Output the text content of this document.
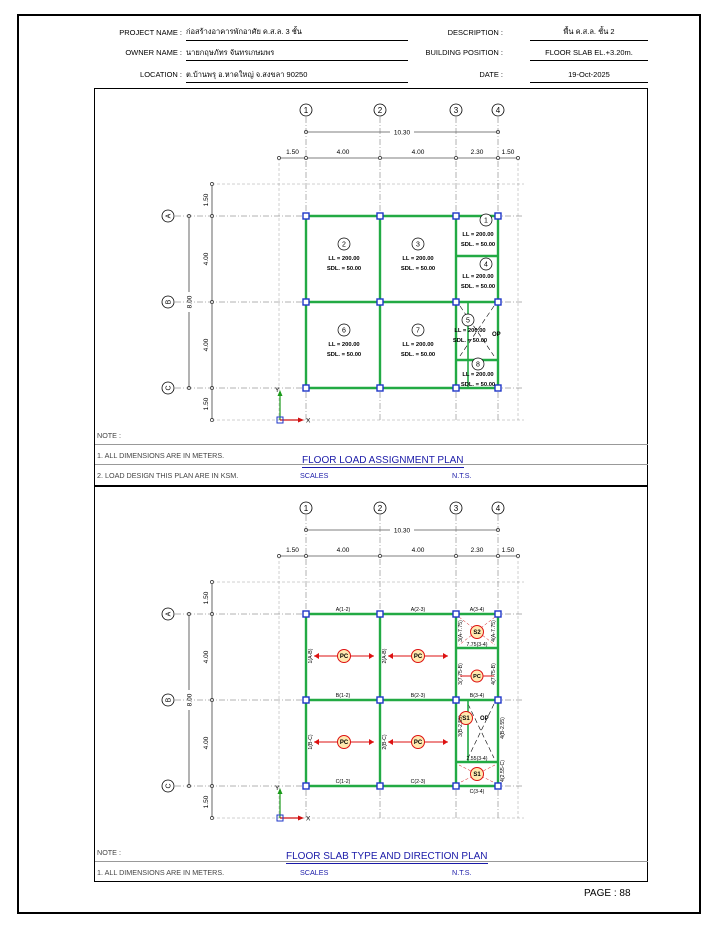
PROJECT NAME : ก่อสร้างอาคารพักอาศัย ค.ส.ล. 3 ชั้น
OWNER NAME : นายกฤษภัทร จันทรเกษมพร
LOCATION : ต.บ้านพรุ อ.หาดใหญ่ จ.สงขลา 90250
DESCRIPTION :	พื้น ค.ส.ล. ชั้น 2
BUILDING POSITION :	FLOOR SLAB EL.+3.20m.
DATE :	19-Oct-2025
1	2	3	4
10.30
1.50	4.00	4.00	2.30	1.50
A
B
C
8.00
1.50
4.00
4.00
1.50
1
LL = 200.00
SDL. = 50.00
2
LL = 200.00
SDL. = 50.00
3
LL = 200.00
SDL. = 50.00
4
LL = 200.00
SDL. = 50.00
5
LL = 200.00
SDL. = 50.00
6
LL = 200.00
SDL. = 50.00
7
LL = 200.00
SDL. = 50.00
8
LL = 200.00
SDL. = 50.00
OP
Y
X
NOTE :
1. ALL DIMENSIONS ARE IN METERS.
2. LOAD DESIGN THIS PLAN ARE IN KSM.
FLOOR LOAD ASSIGNMENT PLAN
SCALES	N.T.S.
1	2	3	4
10.30
1.50	4.00	4.00	2.30	1.50
A
B
C
8.00
1.50
4.00
4.00
1.50
PC	PC
PC	PC
PC
S2
S1
S1
OP
A(1-2)	A(2-3)	A(3-4)
B(1-2)	B(2-3)	B(3-4)
C(1-2)	C(2-3)
C(3-4)
1(A-B)	2(A-B)
1(B-C)	2(B-C)
3(A-7.75)	4(A-7.75)
3(7.75-B)	4(7.75-B)
3(B-2.55)	4(B-2.55)
4(2.55-C)
7.75(3-4)
2.55(3-4)
Y
X
NOTE :
1. ALL DIMENSIONS ARE IN METERS.
FLOOR SLAB TYPE AND DIRECTION PLAN
SCALES	N.T.S.
PAGE : 88
